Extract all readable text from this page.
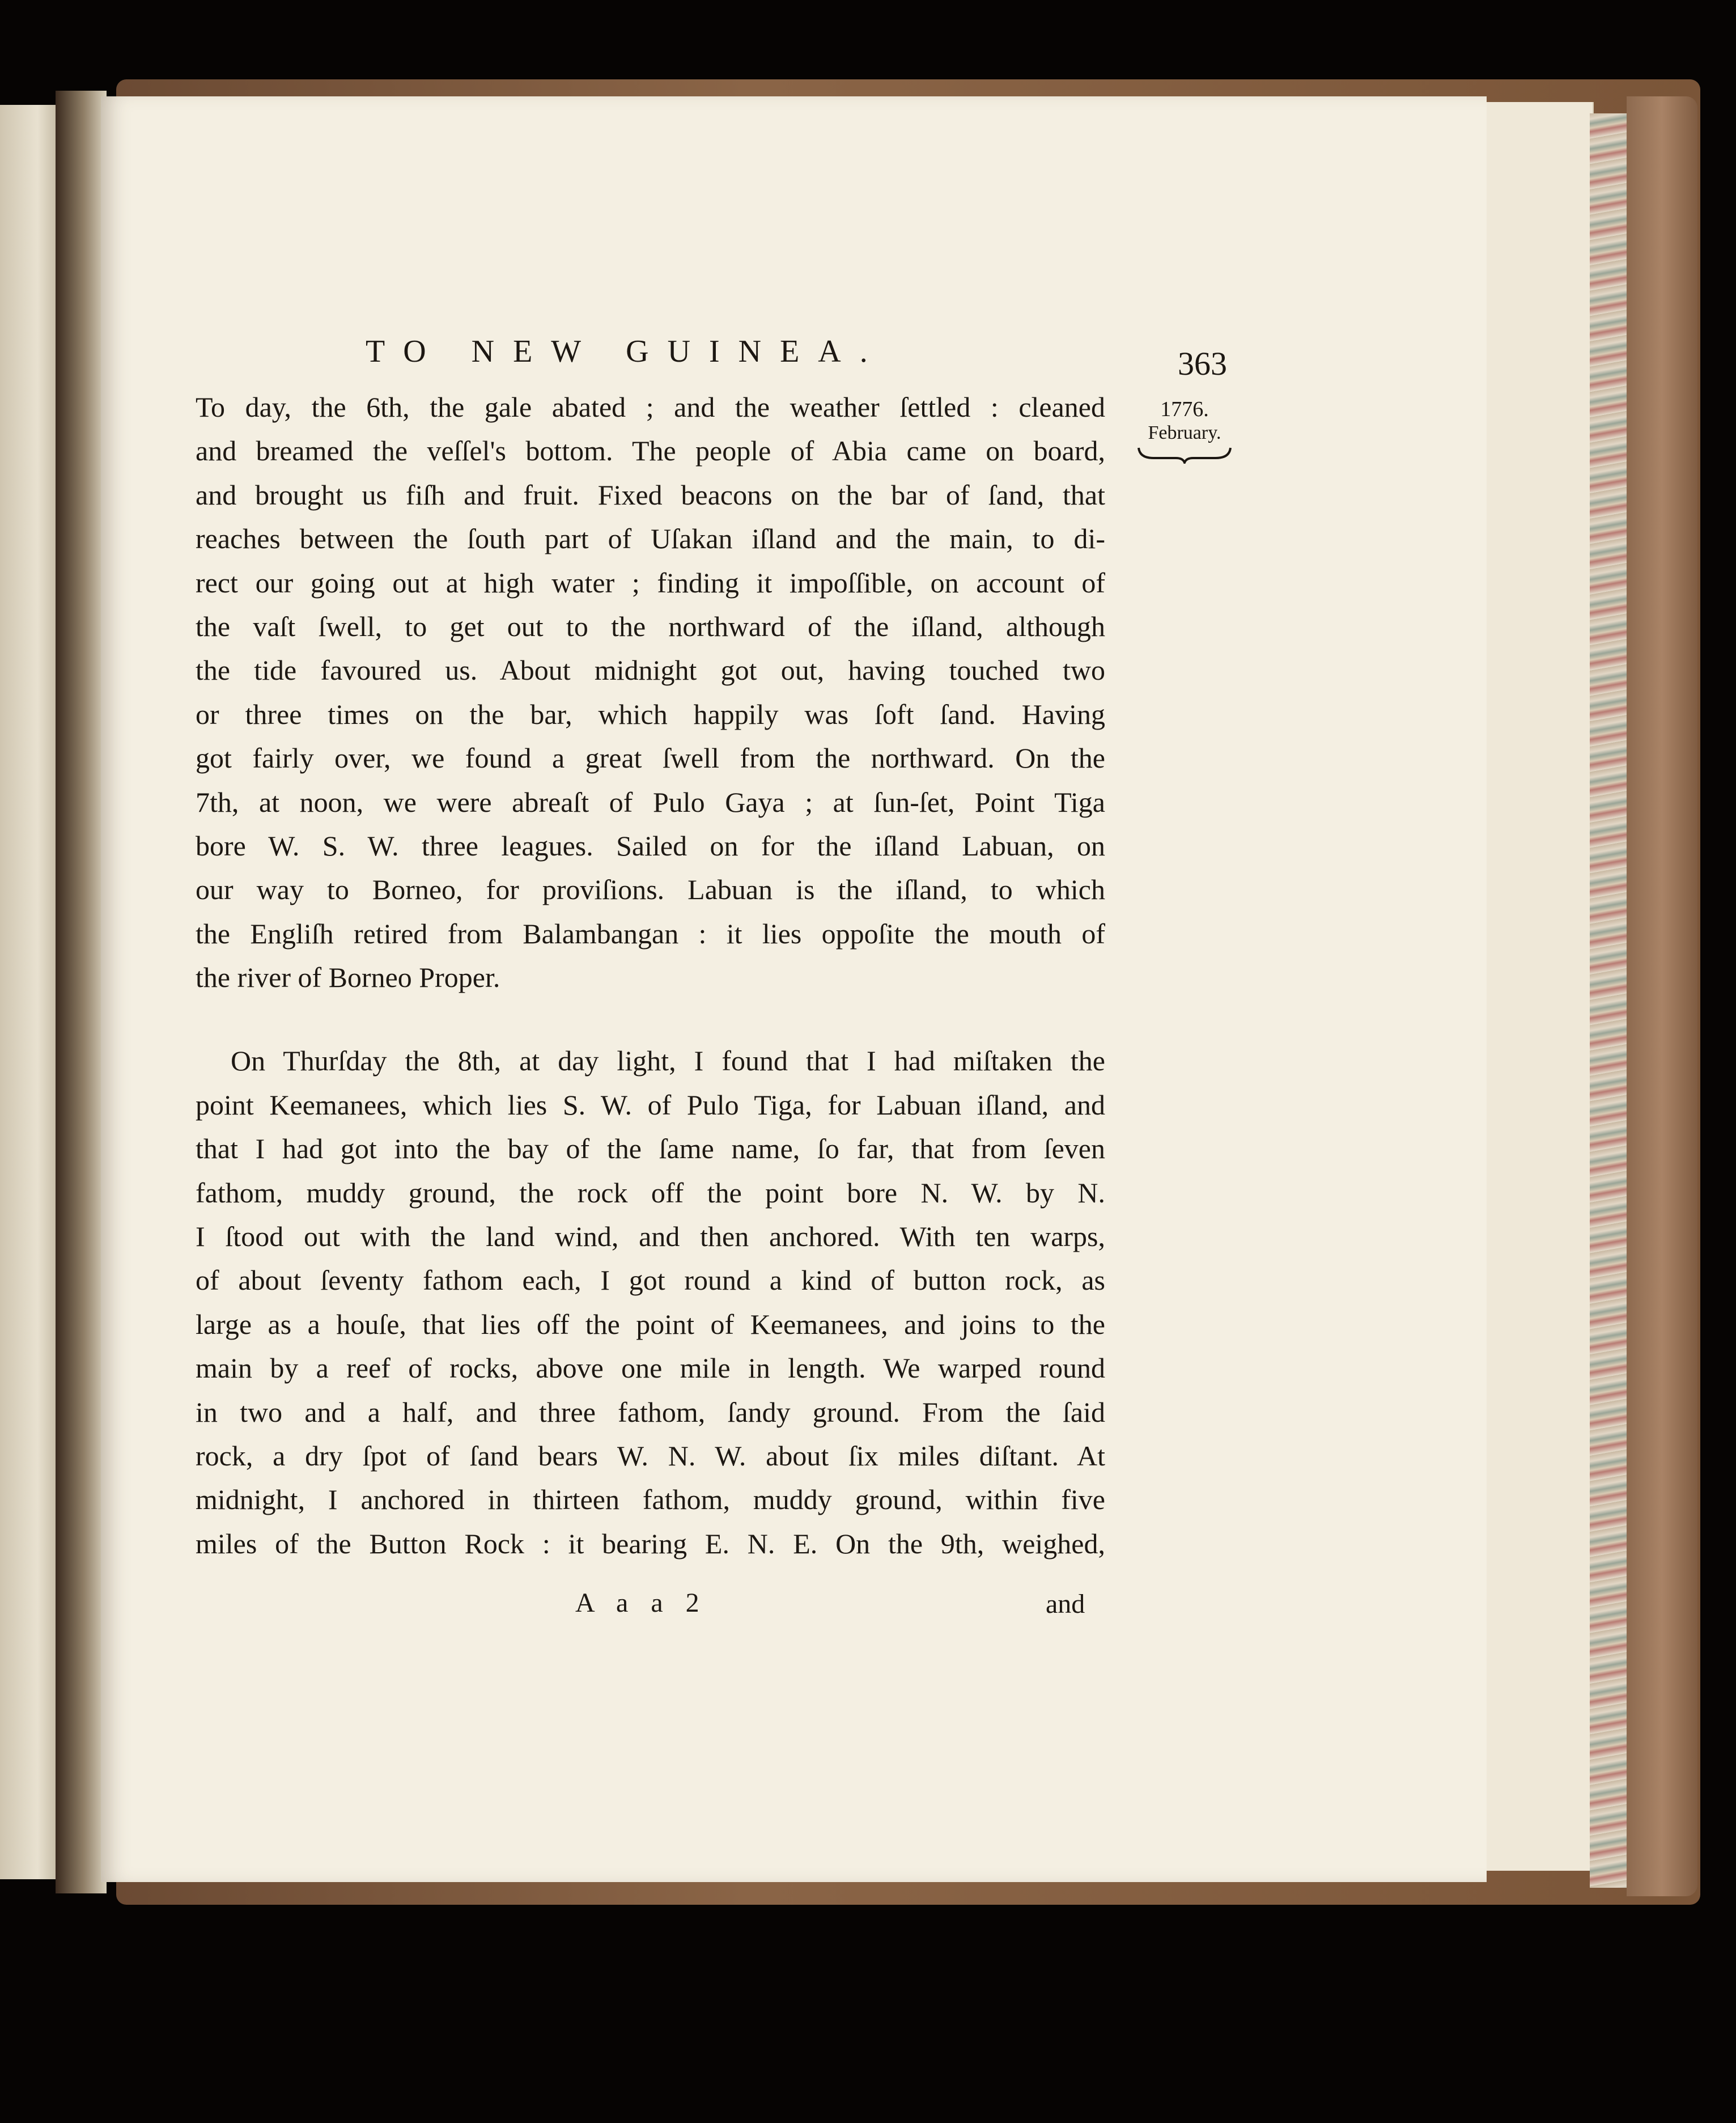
TO NEW GUINEA.	363
1776.
February.
To day, the 6th, the gale abated ; and the weather ſettled : cleaned
and breamed the veſſel's bottom. The people of Abia came on board,
and brought us fiſh and fruit. Fixed beacons on the bar of ſand, that
reaches between the ſouth part of Uſakan iſland and the main, to di-
rect our going out at high water ; finding it impoſſible, on account of
the vaſt ſwell, to get out to the northward of the iſland, although
the tide favoured us. About midnight got out, having touched two
or three times on the bar, which happily was ſoft ſand. Having
got fairly over, we found a great ſwell from the northward. On the
7th, at noon, we were abreaſt of Pulo Gaya ; at ſun-ſet, Point Tiga
bore W. S. W. three leagues. Sailed on for the iſland Labuan, on
our way to Borneo, for proviſions. Labuan is the iſland, to which
the Engliſh retired from Balambangan : it lies oppoſite the mouth of
the river of Borneo Proper.
On Thurſday the 8th, at day light, I found that I had miſtaken the
point Keemanees, which lies S. W. of Pulo Tiga, for Labuan iſland, and
that I had got into the bay of the ſame name, ſo far, that from ſeven
fathom, muddy ground, the rock off the point bore N. W. by N.
I ſtood out with the land wind, and then anchored. With ten warps,
of about ſeventy fathom each, I got round a kind of button rock, as
large as a houſe, that lies off the point of Keemanees, and joins to the
main by a reef of rocks, above one mile in length. We warped round
in two and a half, and three fathom, ſandy ground. From the ſaid
rock, a dry ſpot of ſand bears W. N. W. about ſix miles diſtant. At
midnight, I anchored in thirteen fathom, muddy ground, within five
miles of the Button Rock : it bearing E. N. E. On the 9th, weighed,
A a a 2	and
